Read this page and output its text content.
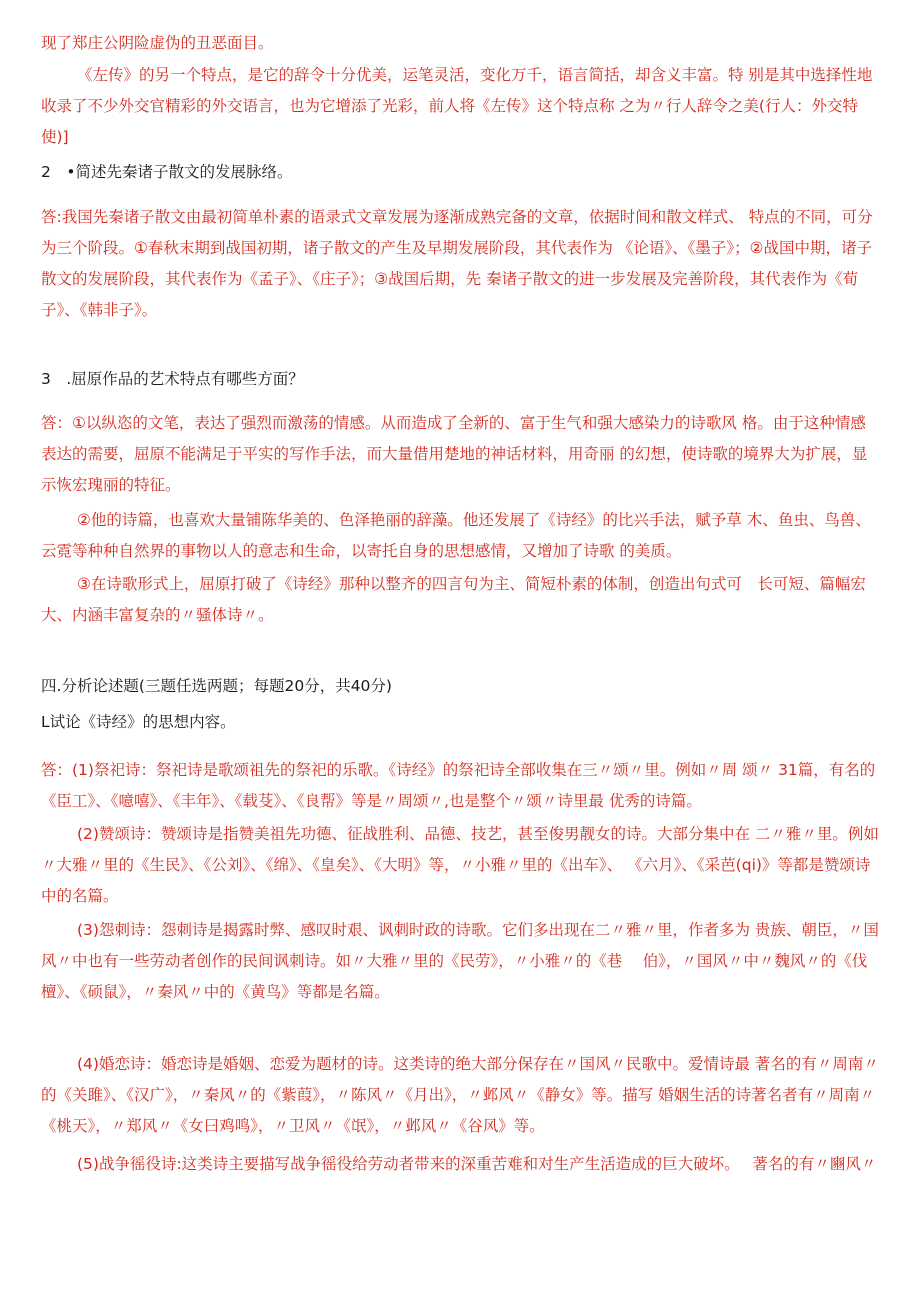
现了郑庄公阴险虚伪的丑恶面目。

《左传》的另一个特点，是它的辞令十分优美，运笔灵活，变化万千，语言简括，却含义丰富。特 别是其中选择性地收录了不少外交官精彩的外交语言，也为它增添了光彩，前人将《左传》这个特点称 之为〃行人辞令之美(行人：外交特使)]

2　•简述先秦诸子散文的发展脉络。

答:我国先秦诸子散文由最初简单朴素的语录式文章发展为逐渐成熟完备的文章，依据时间和散文样式、 特点的不同，可分为三个阶段。①春秋末期到战国初期，诸子散文的产生及早期发展阶段，其代表作为 《论语》、《墨子》；②战国中期，诸子散文的发展阶段，其代表作为《孟子》、《庄子》；③战国后期，先 秦诸子散文的进一步发展及完善阶段，其代表作为《荀子》、《韩非子》。

3　.屈原作品的艺术特点有哪些方面？

答：①以纵恣的文笔，表达了强烈而激荡的情感。从而造成了全新的、富于生气和强大感染力的诗歌风 格。由于这种情感表达的需要，屈原不能满足于平实的写作手法，而大量借用楚地的神话材料，用奇丽 的幻想，使诗歌的境界大为扩展，显示恢宏瑰丽的特征。

②他的诗篇，也喜欢大量铺陈华美的、色泽艳丽的辞藻。他还发展了《诗经》的比兴手法，赋予草 木、鱼虫、鸟兽、云霓等种种自然界的事物以人的意志和生命，以寄托自身的思想感情，又增加了诗歌 的美质。

③在诗歌形式上，屈原打破了《诗经》那种以整齐的四言句为主、简短朴素的体制，创造出句式可　长可短、篇幅宏大、内涵丰富复杂的〃骚体诗〃。

四.分析论述题(三题任选两题；每题20分，共40分)

L试论《诗经》的思想内容。

答：(1)祭祀诗：祭祀诗是歌颂祖先的祭祀的乐歌。《诗经》的祭祀诗全部收集在三〃颂〃里。例如〃周 颂〃 31篇，有名的《臣工》、《噫嘻》、《丰年》、《载芟》、《良帮》等是〃周颂〃,也是整个〃颂〃诗里最 优秀的诗篇。

(2)赞颂诗：赞颂诗是指赞美祖先功德、征战胜利、品德、技艺，甚至俊男靓女的诗。大部分集中在 二〃雅〃里。例如〃大雅〃里的《生民》、《公刘》、《绵》、《皇矣》、《大明》等，〃小雅〃里的《出车》、 《六月》、《采芭(qi)》等都是赞颂诗中的名篇。

(3)怨刺诗：怨刺诗是揭露时弊、感叹时艰、讽刺时政的诗歌。它们多出现在二〃雅〃里，作者多为 贵族、朝臣，〃国风〃中也有一些劳动者创作的民间讽刺诗。如〃大雅〃里的《民劳》，〃小雅〃的《巷　 伯》，〃国风〃中〃魏风〃的《伐檀》、《硕鼠》，〃秦风〃中的《黄鸟》等都是名篇。

(4)婚恋诗：婚恋诗是婚姻、恋爱为题材的诗。这类诗的绝大部分保存在〃国风〃民歌中。爱情诗最 著名的有〃周南〃的《关雎》、《汉广》，〃秦风〃的《紫葭》，〃陈风〃《月出》，〃邺风〃《静女》等。描写 婚姻生活的诗著名者有〃周南〃《桃天》，〃郑风〃《女曰鸡鸣》，〃卫风〃《氓》，〃邺风〃《谷风》等。

(5)战争徭役诗:这类诗主要描写战争徭役给劳动者带来的深重苦难和对生产生活造成的巨大破坏。　 著名的有〃豳风〃
